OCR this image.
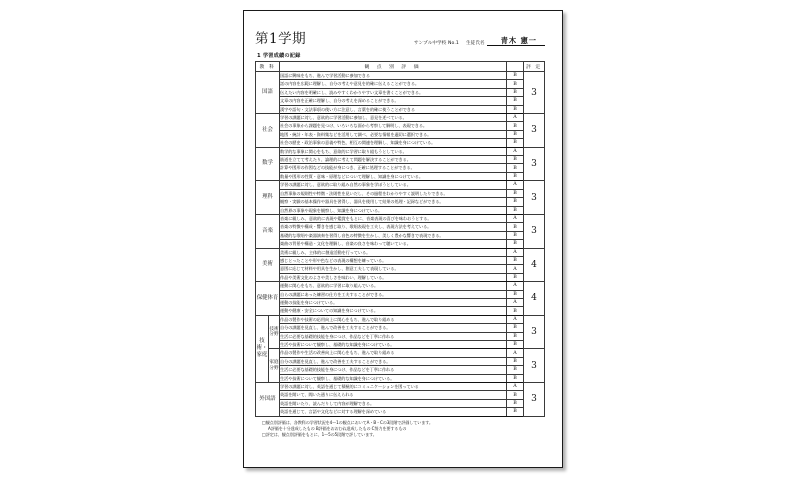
第1学期	サンプル中学校 No.1 生徒氏名	青木 憲一
1 学習成績の記録
教 科		観 点 別 評 価		評 定
国語		国語に興味をもち、進んで学習活動に参加できる	B	3
		話の内容を広範に理解し、自分の考えや意見を的確に伝えることができる。	B	
		伝えたい内容を明確にし、読みやすくわかりやすい文章を書くことができる。	B	
		文章の内容を正確に理解し、自分の考えを深めることができる。	B	
		漢字や語句・文法事項の使い方に注意し、言葉を的確に使うことができる	B	
社会		学習の課題に対し、意欲的に学習活動に参加し、意見を述べている。	A	3
		社会の事象から課題を見つけ、いろいろな面から考察して解明し、表現できる。	B	
		地図・統計・年表・資料集などを活用して調べ、必要な情報を適切に選択できる。	B	
		社会の歴史・政治事象の意義や特色、相互の関連を理解し、知識を身につけている。	B	
数学		数学的な事象に関心をもち、意欲的に学習に取り組もうとしている。	A	3
		筋道を立てて考えたり、論理的に考えて問題を解決することができる。	B	
		計算や図形の作図などの技能が身につき、正確に処理することができる。	B	
		数量や図形の性質・意味・原理などについて理解し、知識を身につけている。	B	
理科		学習の課題に対し、意欲的に取り組み自然の事象を学ぼうとしている。	A	3
		自然事象の規則性や特徴・法則性を見いだし、その過程をわかりやすく説明したりできる。	B	
		観察・実験の基本操作や器具を習得し、器具を使用して結果の処理・記録などができる。	B	
		自然界の事象や現象を観察し、知識を身につけている。	B	
音楽		音楽に親しみ、意欲的に表現や鑑賞をもとに、音楽表現の喜びを味わおうとする。	A	3
		音楽の特徴や構成・響きを感じ取り、歌唱表現を工夫し、表現方法を考えている。	B	
		基礎的な歌唱や楽器演奏を習得し音色の特徴を生かし、美しく豊かな響きで表現できる。	B	
		楽曲の背景や構造・文化を理解し、音楽の良さを味わって聴いている。	B	
美術		美術に親しみ、主体的に創造活動を行っている。	A	4
		感じとったことや形や色などの表現の構想を練っている。	B	
		意図に応じて材料や用具を生かし、創意工夫して表現している。	A	
		作品や美術文化のよさや美しさを味わい、理解している。	B	
保健体育		運動に関心をもち、意欲的に学習に取り組んでいる。	A	4
		自らの課題にあった練習の仕方を工夫することができる。	B	
		運動の技能を身につけている。	A	
		運動や健康・安全についての知識を身につけている。	B	
技術・家庭	技術分野	作品の製作や技術の応用向上に関心をもち、進んで取り組める	A	3
		自分の課題を見直し、進んで改善を工夫することができる。	B	
		生活に必要な基礎的技能を身につけ、作品などを丁寧に作れる	B	
		生活や技術について観察し、基礎的な知識を身につけている。	B	
	家庭分野	作品の製作や生活の改善向上に関心をもち、進んで取り組める	A	3
		自分の課題を見直し、進んで改善を工夫することができる。	B	
		生活に必要な基礎的技能を身につけ、作品などを丁寧に作れる	B	
		生活や技術について観察し、基礎的な知識を身につけている。	B	
外国語		学習の課題に対し、英語を通じて積極的にコミュニケーションを図っている	A	3
		英語を聞いて、聞いた通りに伝えられる	B	
		英語を聞いたり、読んだりして内容が理解できる。	B	
		英語を通じて、言語や文化などに対する理解を深めている	B	
□観点別評価は、各教科の学習状況を4～1の観点においてA・B・Cの3段階で評価しています。
A評価を十分達成したもの B評価をおおむね達成したもの C努力を要するもの
□評定は、観点別評価をもとに、1～5の5段階で評しています。
